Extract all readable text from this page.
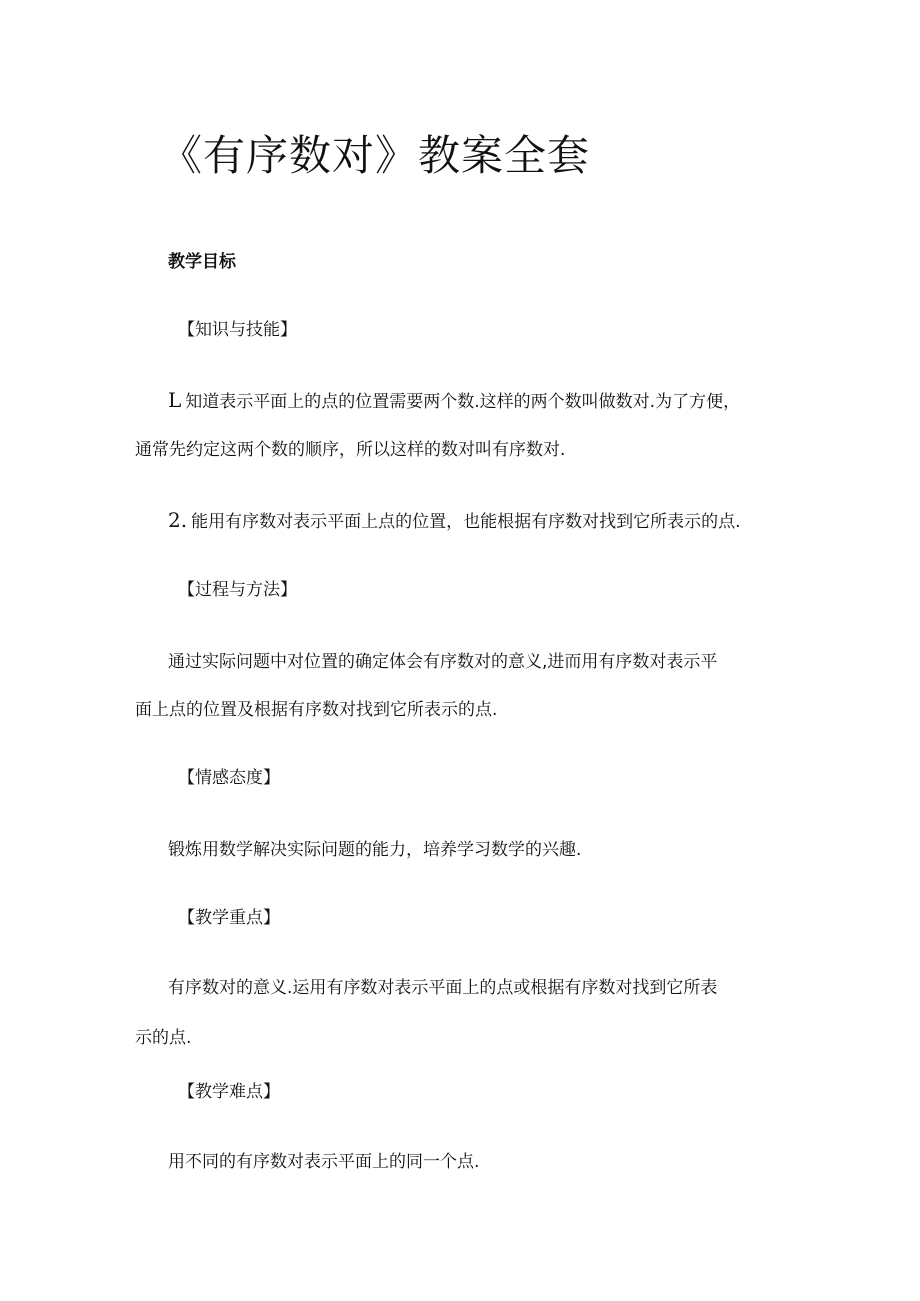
《有序数对》教案全套
教学目标
【知识与技能】
L 知道表示平面上的点的位置需要两个数.这样的两个数叫做数对.为了方便，
通常先约定这两个数的顺序，所以这样的数对叫有序数对.
2. 能用有序数对表示平面上点的位置，也能根据有序数对找到它所表示的点.
【过程与方法】
通过实际问题中对位置的确定体会有序数对的意义,进而用有序数对表示平
面上点的位置及根据有序数对找到它所表示的点.
【情感态度】
锻炼用数学解决实际问题的能力，培养学习数学的兴趣.
【教学重点】
有序数对的意义.运用有序数对表示平面上的点或根据有序数对找到它所表
示的点.
【教学难点】
用不同的有序数对表示平面上的同一个点.
